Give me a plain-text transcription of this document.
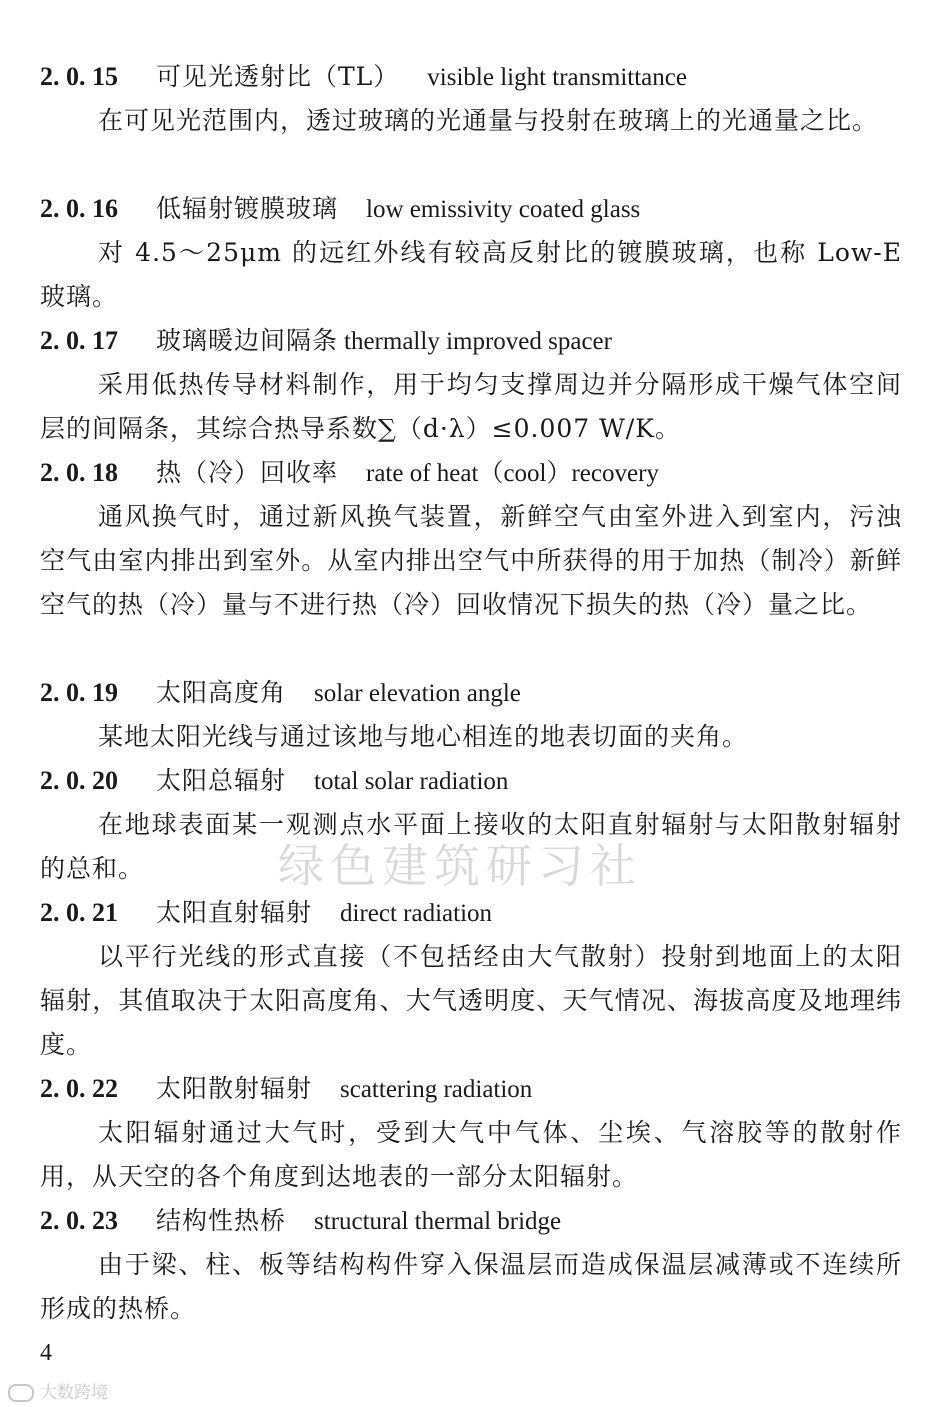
2. 0. 15 可见光透射比（TL） visible light transmittance
在可见光范围内，透过玻璃的光通量与投射在玻璃上的光通量之比。
2. 0. 16 低辐射镀膜玻璃 low emissivity coated glass
对 4.5～25μm 的远红外线有较高反射比的镀膜玻璃，也称 Low-E 玻璃。
2. 0. 17 玻璃暖边间隔条 thermally improved spacer
采用低热传导材料制作，用于均匀支撑周边并分隔形成干燥气体空间层的间隔条，其综合热导系数∑（d·λ）≤0.007 W/K。
2. 0. 18 热（冷）回收率 rate of heat（cool）recovery
通风换气时，通过新风换气装置，新鲜空气由室外进入到室内，污浊空气由室内排出到室外。从室内排出空气中所获得的用于加热（制冷）新鲜空气的热（冷）量与不进行热（冷）回收情况下损失的热（冷）量之比。
2. 0. 19 太阳高度角 solar elevation angle
某地太阳光线与通过该地与地心相连的地表切面的夹角。
2. 0. 20 太阳总辐射 total solar radiation
在地球表面某一观测点水平面上接收的太阳直射辐射与太阳散射辐射的总和。
2. 0. 21 太阳直射辐射 direct radiation
以平行光线的形式直接（不包括经由大气散射）投射到地面上的太阳辐射，其值取决于太阳高度角、大气透明度、天气情况、海拔高度及地理纬度。
2. 0. 22 太阳散射辐射 scattering radiation
太阳辐射通过大气时，受到大气中气体、尘埃、气溶胶等的散射作用，从天空的各个角度到达地表的一部分太阳辐射。
2. 0. 23 结构性热桥 structural thermal bridge
由于梁、柱、板等结构构件穿入保温层而造成保温层减薄或不连续所形成的热桥。
绿色建筑研习社
4
大数跨境
